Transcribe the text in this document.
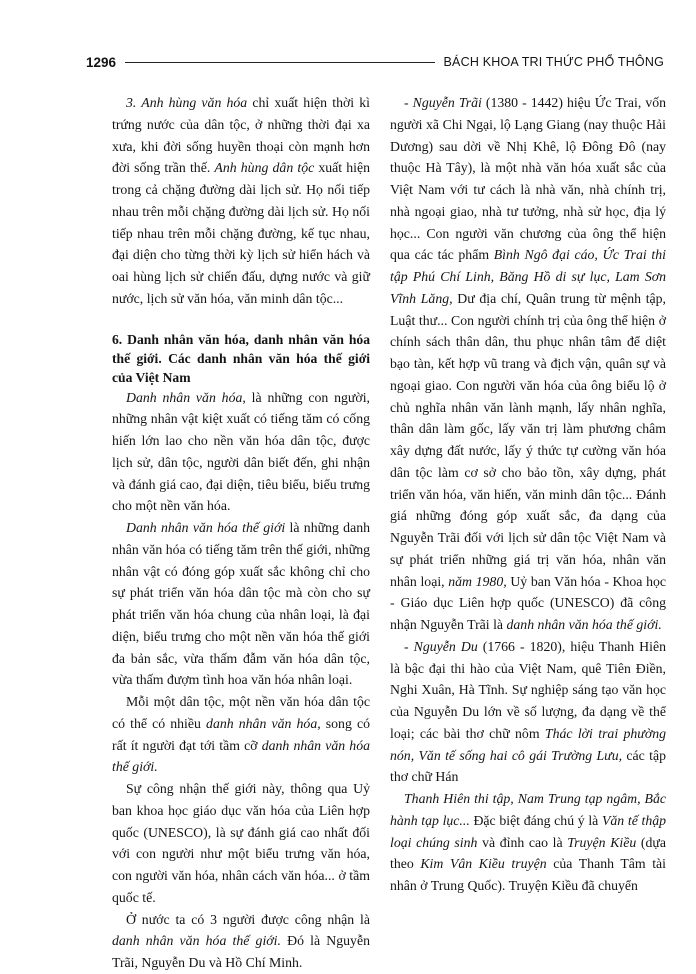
1296	BÁCH KHOA TRI THỨC PHỔ THÔNG

3. Anh hùng văn hóa chỉ xuất hiện thời kì trứng nước của dân tộc, ở những thời đại xa xưa, khi đời sống huyền thoại còn mạnh hơn đời sống trần thế. Anh hùng dân tộc xuất hiện trong cả chặng đường dài lịch sử. Họ nối tiếp nhau trên mỗi chặng đường dài lịch sử. Họ nối tiếp nhau trên mỗi chặng đường, kế tục nhau, đại diện cho từng thời kỳ lịch sử hiển hách và oai hùng lịch sử chiến đấu, dựng nước và giữ nước, lịch sử văn hóa, văn minh dân tộc...

6. Danh nhân văn hóa, danh nhân văn hóa thế giới. Các danh nhân văn hóa thế giới của Việt Nam

Danh nhân văn hóa, là những con người, những nhân vật kiệt xuất có tiếng tăm có cống hiến lớn lao cho nền văn hóa dân tộc, được lịch sử, dân tộc, người dân biết đến, ghi nhận và đánh giá cao, đại diện, tiêu biểu, biểu trưng cho một nền văn hóa.

Danh nhân văn hóa thế giới là những danh nhân văn hóa có tiếng tăm trên thế giới, những nhân vật có đóng góp xuất sắc không chỉ cho sự phát triển văn hóa dân tộc mà còn cho sự phát triển văn hóa chung của nhân loại, là đại diện, biểu trưng cho một nền văn hóa thế giới đa bản sắc, vừa thấm đẫm văn hóa dân tộc, vừa thấm đượm tình hoa văn hóa nhân loại.

Mỗi một dân tộc, một nền văn hóa dân tộc có thể có nhiều danh nhân văn hóa, song có rất ít người đạt tới tầm cỡ danh nhân văn hóa thế giới.

Sự công nhận thế giới này, thông qua Uỷ ban khoa học giáo dục văn hóa của Liên hợp quốc (UNESCO), là sự đánh giá cao nhất đối với con người như một biểu trưng văn hóa, con người văn hóa, nhân cách văn hóa... ở tầm quốc tế.

Ở nước ta có 3 người được công nhận là danh nhân văn hóa thế giới. Đó là Nguyễn Trãi, Nguyễn Du và Hồ Chí Minh.

- Nguyễn Trãi (1380 - 1442) hiệu Ức Trai, vốn người xã Chi Ngại, lộ Lạng Giang (nay thuộc Hải Dương) sau dời về Nhị Khê, lộ Đông Đô (nay thuộc Hà Tây), là một nhà văn hóa xuất sắc của Việt Nam với tư cách là nhà văn, nhà chính trị, nhà ngoại giao, nhà tư tưởng, nhà sử học, địa lý học... Con người văn chương của ông thể hiện qua các tác phẩm Bình Ngô đại cáo, Ức Trai thi tập Phú Chí Linh, Băng Hồ di sự lục, Lam Sơn Vĩnh Lăng, Dư địa chí, Quân trung từ mệnh tập, Luật thư... Con người chính trị của ông thể hiện ở chính sách thân dân, thu phục nhân tâm để diệt bạo tàn, kết hợp vũ trang và địch vận, quân sự và ngoại giao. Con người văn hóa của ông biểu lộ ở chủ nghĩa nhân văn lành mạnh, lấy nhân nghĩa, thân dân làm gốc, lấy văn trị làm phương châm xây dựng đất nước, lấy ý thức tự cường văn hóa dân tộc làm cơ sở cho bảo tồn, xây dựng, phát triển văn hóa, văn hiến, văn minh dân tộc... Đánh giá những đóng góp xuất sắc, đa dạng của Nguyễn Trãi đối với lịch sử dân tộc Việt Nam và sự phát triển những giá trị văn hóa, nhân văn nhân loại, năm 1980, Uỷ ban Văn hóa - Khoa học - Giáo dục Liên hợp quốc (UNESCO) đã công nhận Nguyễn Trãi là danh nhân văn hóa thế giới.

- Nguyễn Du (1766 - 1820), hiệu Thanh Hiên là bậc đại thi hào của Việt Nam, quê Tiên Điền, Nghi Xuân, Hà Tĩnh. Sự nghiệp sáng tạo văn học của Nguyễn Du lớn về số lượng, đa dạng về thể loại; các bài thơ chữ nôm Thác lời trai phường nón, Văn tế sống hai cô gái Trường Lưu, các tập thơ chữ Hán

Thanh Hiên thi tập, Nam Trung tạp ngâm, Bắc hành tạp lục... Đặc biệt đáng chú ý là Văn tế thập loại chúng sinh và đỉnh cao là Truyện Kiều (dựa theo Kim Vân Kiều truyện của Thanh Tâm tài nhân ở Trung Quốc). Truyện Kiều đã chuyển
